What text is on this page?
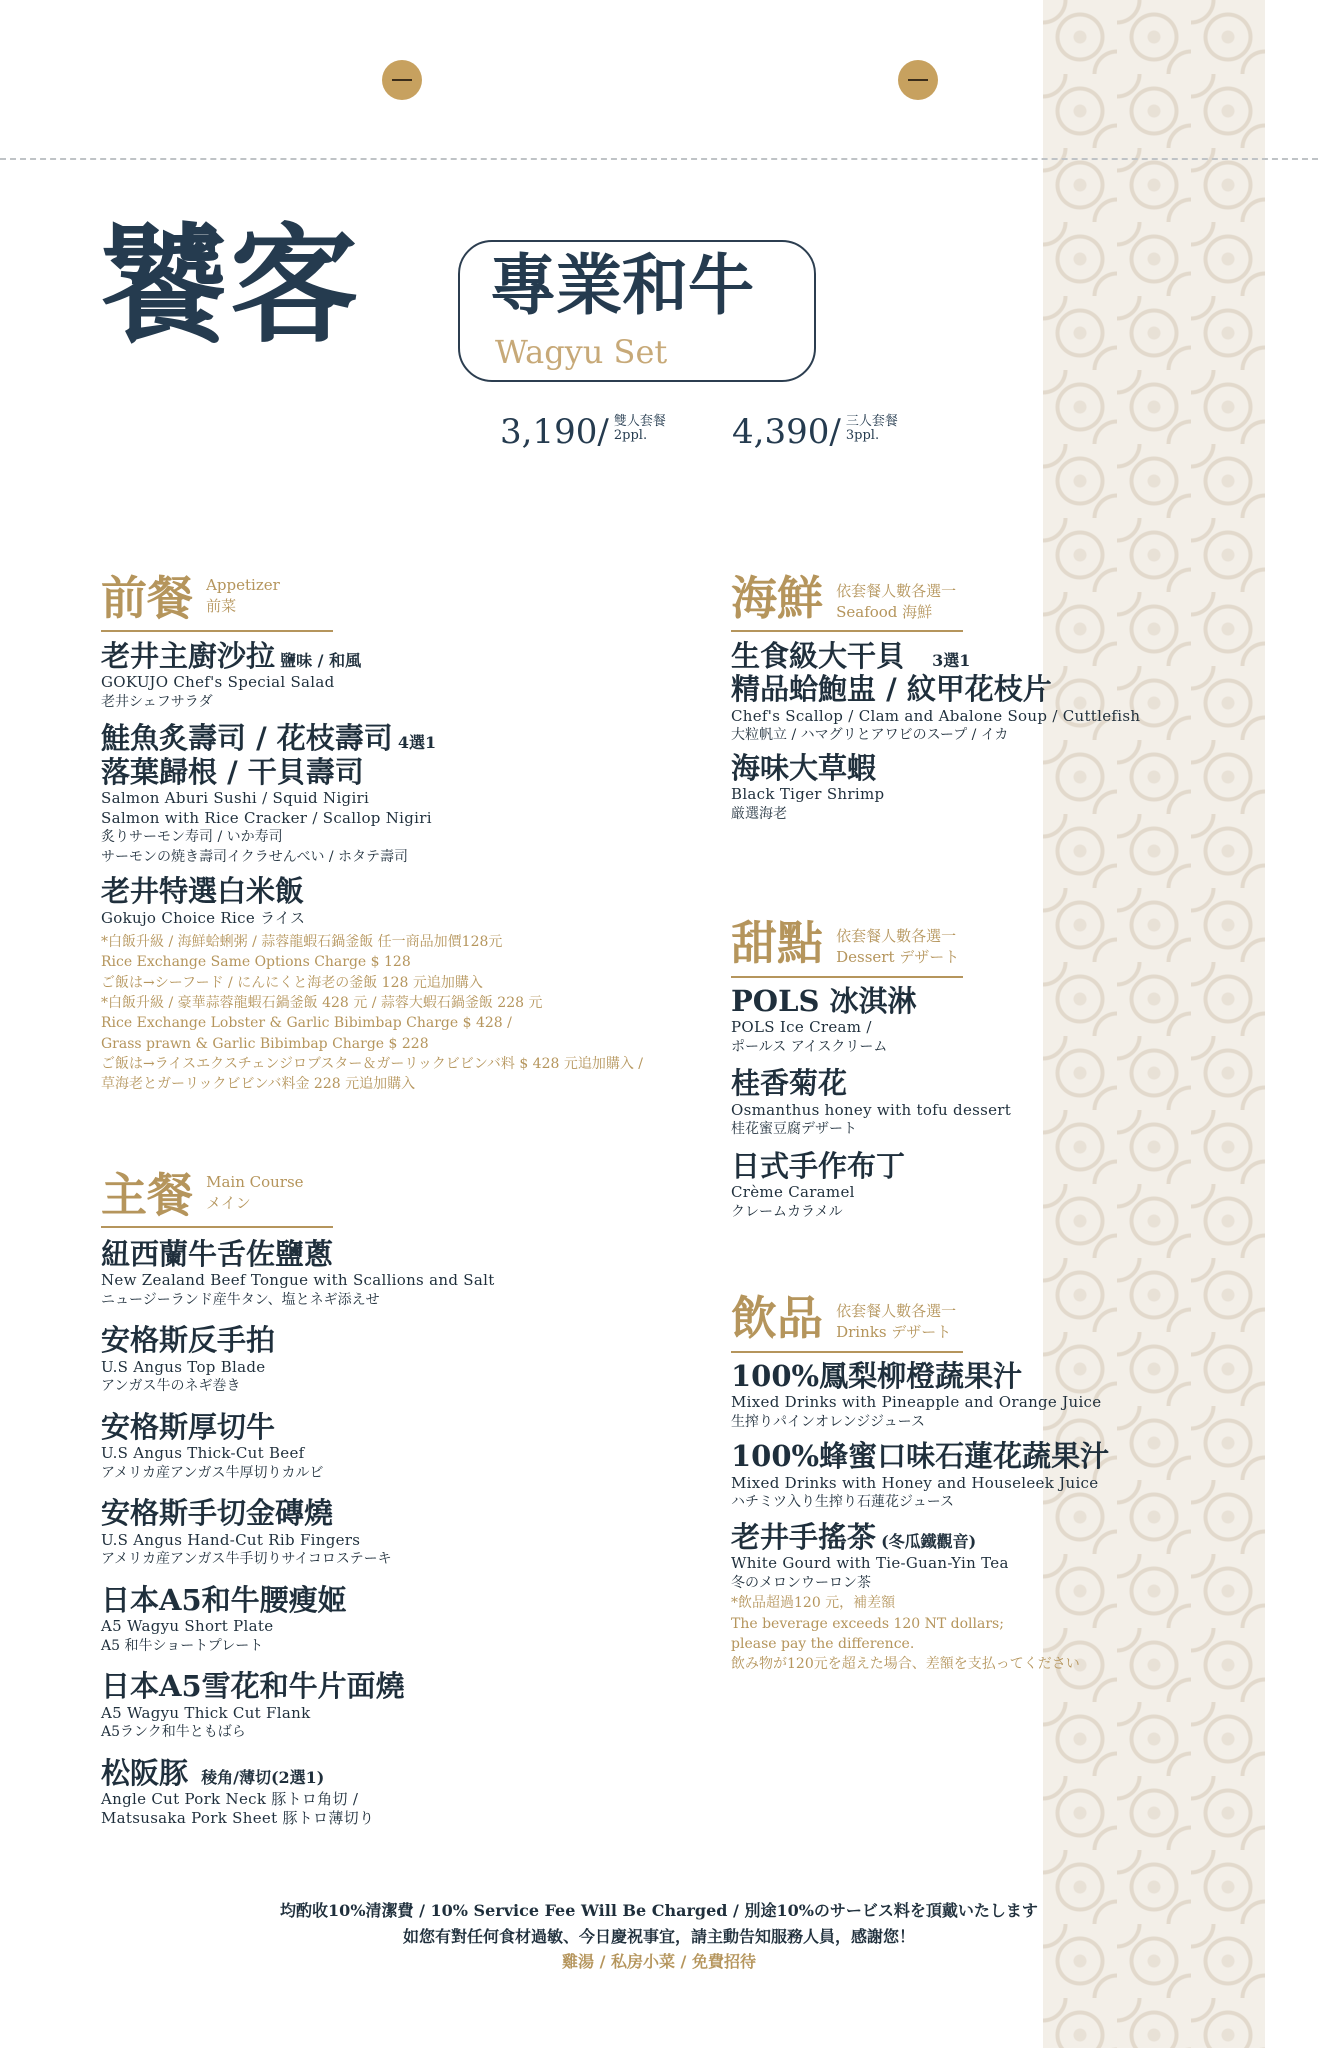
饕客 專業和牛
Wagyu Set
3,190/ 雙人套餐
2ppl.	4,390/ 三人套餐
3ppl.
前餐 Appetizer
前菜
老井主廚沙拉 鹽味 / 和風
GOKUJO Chef's Special Salad
老井シェフサラダ
鮭魚炙壽司 / 花枝壽司 4選1
落葉歸根 / 干貝壽司
Salmon Aburi Sushi / Squid Nigiri
Salmon with Rice Cracker / Scallop Nigiri
炙りサーモン寿司 / いか寿司
サーモンの焼き壽司イクラせんべい / ホタテ壽司
老井特選白米飯
Gokujo Choice Rice ライス
*白飯升級 / 海鮮蛤蜊粥 / 蒜蓉龍蝦石鍋釜飯 任一商品加價128元
Rice Exchange Same Options Charge $ 128
ご飯は→シーフード / にんにくと海老の釜飯 128 元追加購入
*白飯升級 / 豪華蒜蓉龍蝦石鍋釜飯 428 元 / 蒜蓉大蝦石鍋釜飯 228 元
Rice Exchange Lobster & Garlic Bibimbap Charge $ 428 /
Grass prawn & Garlic Bibimbap Charge $ 228
ご飯は→ライスエクスチェンジロブスター＆ガーリックビビンバ料 $ 428 元追加購入 /
草海老とガーリックビビンバ料金 228 元追加購入
主餐 Main Course
メイン
紐西蘭牛舌佐鹽蔥
New Zealand Beef Tongue with Scallions and Salt
ニュージーランド産牛タン、塩とネギ添えせ
安格斯反手拍
U.S Angus Top Blade
アンガス牛のネギ巻き
安格斯厚切牛
U.S Angus Thick-Cut Beef
アメリカ産アンガス牛厚切りカルビ
安格斯手切金磚燒
U.S Angus Hand-Cut Rib Fingers
アメリカ産アンガス牛手切りサイコロステーキ
日本A5和牛腰瘦姬
A5 Wagyu Short Plate
A5 和牛ショートプレート
日本A5雪花和牛片面燒
A5 Wagyu Thick Cut Flank
A5ランク和牛ともばら
松阪豚 稜角/薄切(2選1)
Angle Cut Pork Neck 豚トロ角切 /
Matsusaka Pork Sheet 豚トロ薄切り
海鮮 依套餐人數各選一
Seafood 海鮮
生食級大干貝 3選1
精品蛤鮑盅 / 紋甲花枝片
Chef's Scallop / Clam and Abalone Soup / Cuttlefish
大粒帆立 / ハマグリとアワビのスープ / イカ
海味大草蝦
Black Tiger Shrimp
厳選海老
甜點 依套餐人數各選一
Dessert デザート
POLS 冰淇淋
POLS Ice Cream /
ポールス アイスクリーム
桂香菊花
Osmanthus honey with tofu dessert
桂花蜜豆腐デザート
日式手作布丁
Crème Caramel
クレームカラメル
飲品 依套餐人數各選一
Drinks デザート
100%鳳梨柳橙蔬果汁
Mixed Drinks with Pineapple and Orange Juice
生搾りパインオレンジジュース
100%蜂蜜口味石蓮花蔬果汁
Mixed Drinks with Honey and Houseleek Juice
ハチミツ入り生搾り石蓮花ジュース
老井手搖茶 (冬瓜鐵觀音)
White Gourd with Tie-Guan-Yin Tea
冬のメロンウーロン茶
*飲品超過120 元，補差額
The beverage exceeds 120 NT dollars;
please pay the difference.
飲み物が120元を超えた場合、差額を支払ってください
均酌收10%清潔費 / 10% Service Fee Will Be Charged / 別途10%のサービス料を頂戴いたします
如您有對任何食材過敏、今日慶祝事宜，請主動告知服務人員，感謝您！
雞湯 / 私房小菜 / 免費招待
